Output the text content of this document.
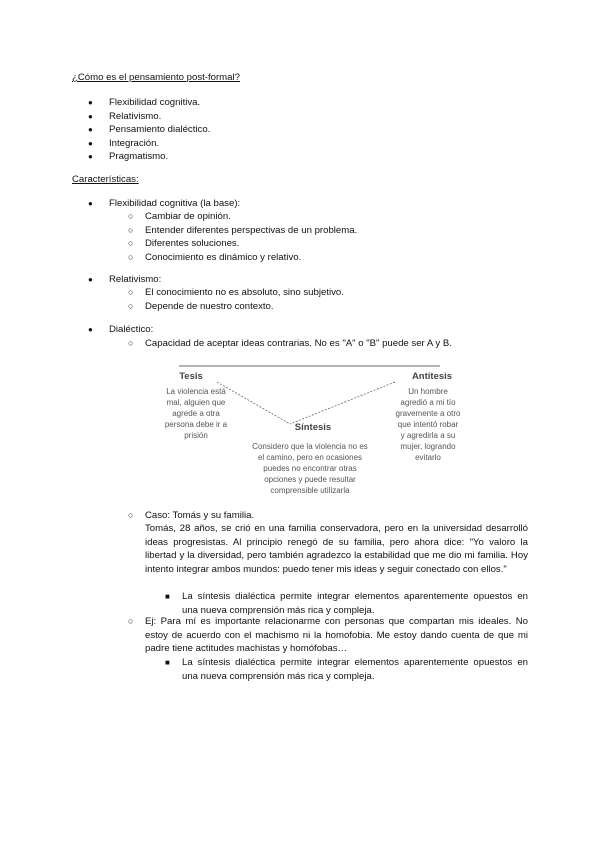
¿Cómo es el pensamiento post-formal?
● Flexibilidad cognitiva.
● Relativismo.
● Pensamiento dialéctico.
● Integración.
● Pragmatismo.
Características:
● Flexibilidad cognitiva (la base):
○ Cambiar de opinión.
○ Entender diferentes perspectivas de un problema.
○ Diferentes soluciones.
○ Conocimiento es dinámico y relativo.
● Relativismo:
○ El conocimiento no es absoluto, sino subjetivo.
○ Depende de nuestro contexto.
● Dialéctico:
○ Capacidad de aceptar ideas contrarias. No es "A" o "B" puede ser A y B.
Tesis
La violencia está
mal, alguien que
agrede a otra
persona debe ir a
prisión
Antítesis
Un hombre
agredió a mi tío
gravemente a otro
que intentó robar
y agredirla a su
mujer, logrando
evitarlo
Síntesis
Considero que la violencia no es
el camino, pero en ocasiones
puedes no encontrar otras
opciones y puede resultar
comprensible utilizarla
○ Caso: Tomás y su familia.
Tomás, 28 años, se crió en una familia conservadora, pero en la universidad desarrolló ideas progresistas. Al principio renegó de su familia, pero ahora dice: "Yo valoro la libertad y la diversidad, pero también agradezco la estabilidad que me dio mi familia. Hoy intento integrar ambos mundos: puedo tener mis ideas y seguir conectado con ellos."
■ La síntesis dialéctica permite integrar elementos aparentemente opuestos en una nueva comprensión más rica y compleja.
○ Ej: Para mí es importante relacionarme con personas que compartan mis ideales. No estoy de acuerdo con el machismo ni la homofobia. Me estoy dando cuenta de que mi padre tiene actitudes machistas y homófobas…
■ La síntesis dialéctica permite integrar elementos aparentemente opuestos en una nueva comprensión más rica y compleja.
